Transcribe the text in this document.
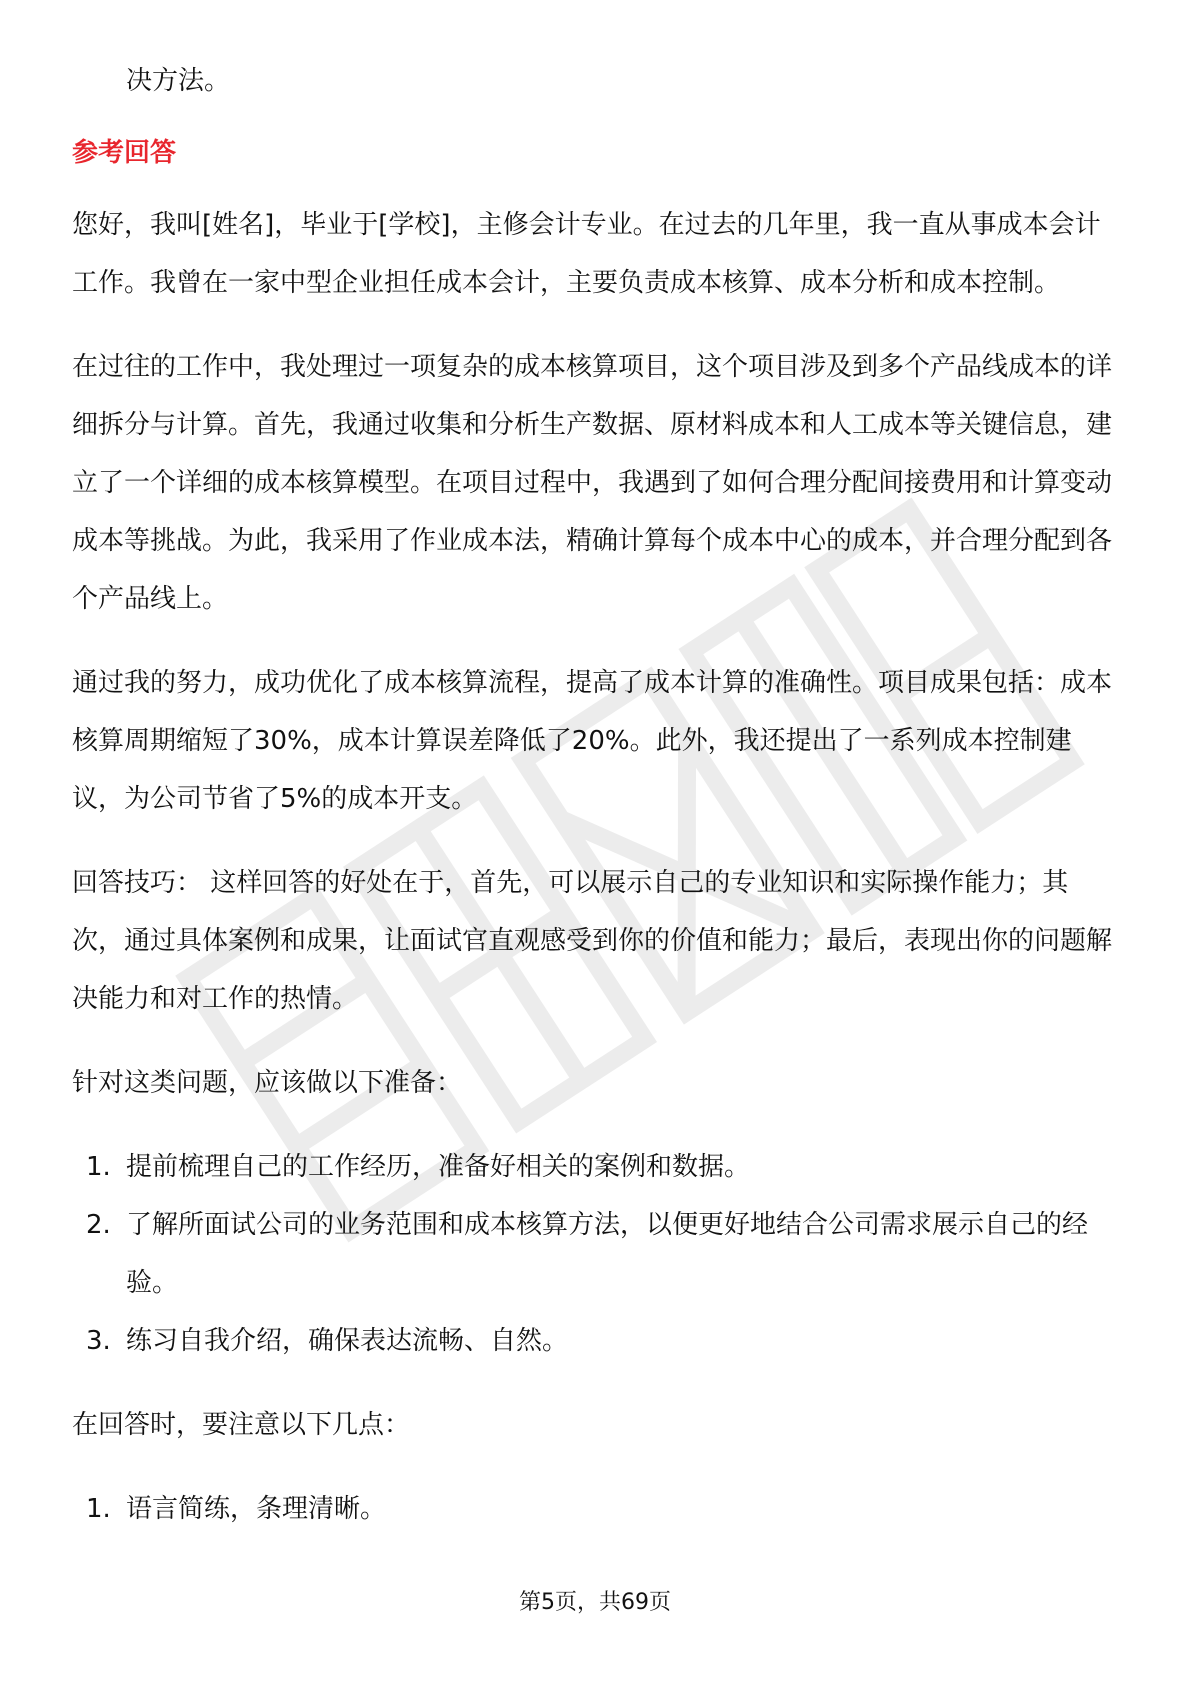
决方法。

参考回答

您好，我叫[姓名]，毕业于[学校]，主修会计专业。在过去的几年里，我一直从事成本会计工作。我曾在一家中型企业担任成本会计，主要负责成本核算、成本分析和成本控制。

在过往的工作中，我处理过一项复杂的成本核算项目，这个项目涉及到多个产品线成本的详细拆分与计算。首先，我通过收集和分析生产数据、原材料成本和人工成本等关键信息，建立了一个详细的成本核算模型。在项目过程中，我遇到了如何合理分配间接费用和计算变动成本等挑战。为此，我采用了作业成本法，精确计算每个成本中心的成本，并合理分配到各个产品线上。

通过我的努力，成功优化了成本核算流程，提高了成本计算的准确性。项目成果包括：成本核算周期缩短了30%，成本计算误差降低了20%。此外，我还提出了一系列成本控制建议，为公司节省了5%的成本开支。

回答技巧： 这样回答的好处在于，首先，可以展示自己的专业知识和实际操作能力；其次，通过具体案例和成果，让面试官直观感受到你的价值和能力；最后，表现出你的问题解决能力和对工作的热情。

针对这类问题，应该做以下准备：

1. 提前梳理自己的工作经历，准备好相关的案例和数据。
2. 了解所面试公司的业务范围和成本核算方法，以便更好地结合公司需求展示自己的经验。
3. 练习自我介绍，确保表达流畅、自然。

在回答时，要注意以下几点：

1. 语言简练，条理清晰。
第5页，共69页
